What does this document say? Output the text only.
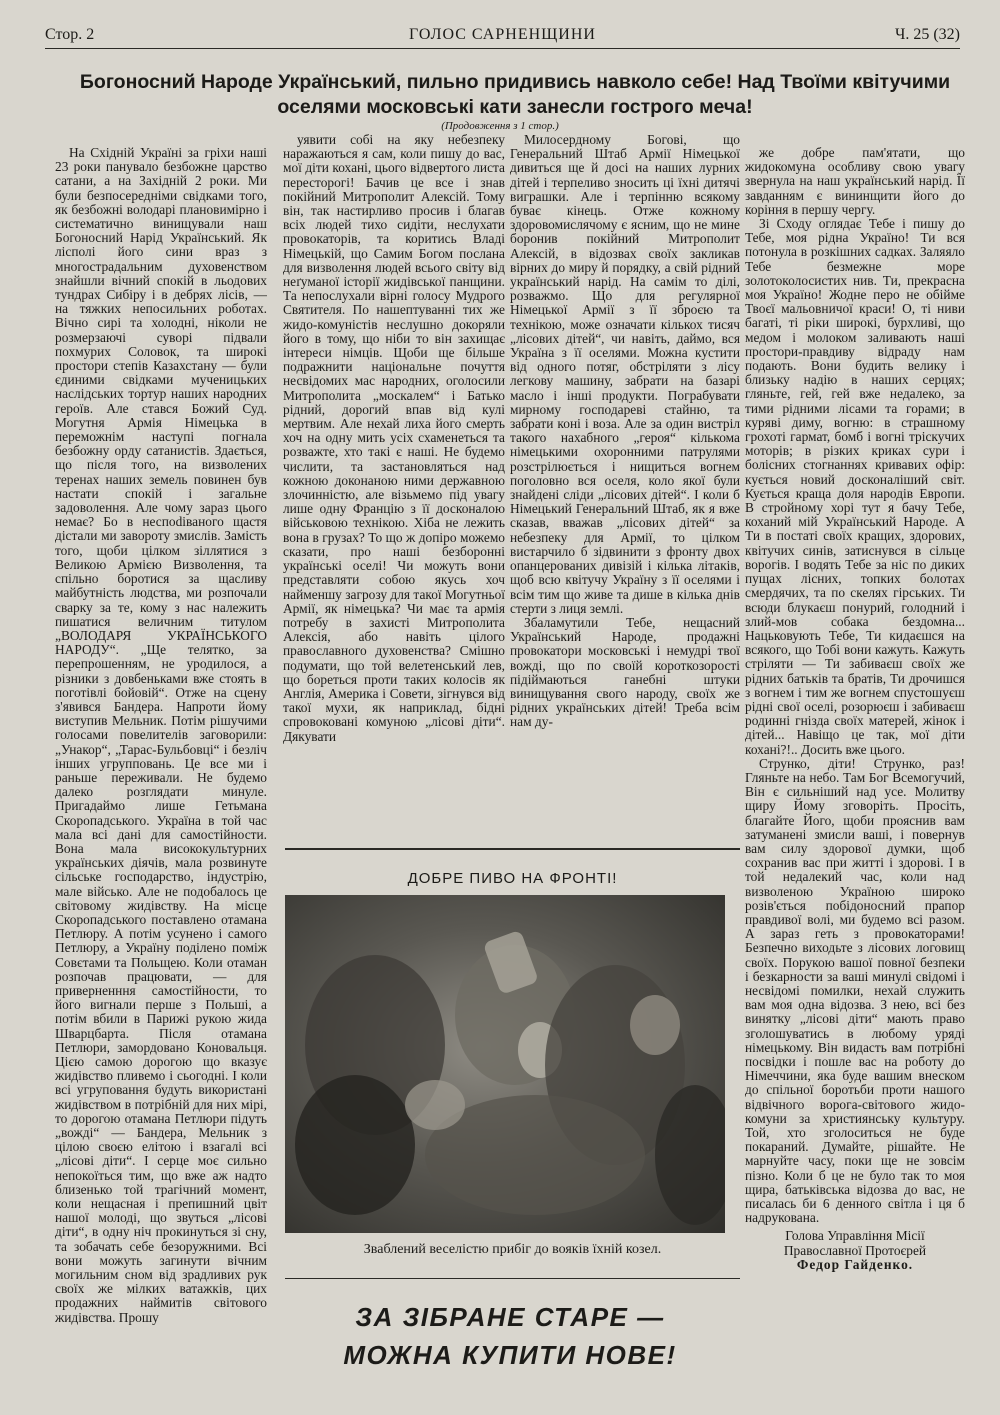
Стор. 2	ГОЛОС САРНЕНЩИНИ	Ч. 25 (32)
Богоносний Народе Український, пильно придивись навколо себе! Над Твоїми квітучими оселями московські кати занесли гострого меча!
(Продовження з 1 стор.)

На Східній Україні за гріхи наші 23 роки панувало безбожне царство сатани, а на Західній 2 роки. Ми були безпосередніми свідками того, як безбожні володарі плановимірно і систематично винищували наш Богоносний Нарід Український. Як лісполі його сини враз з многострадальним духовенством знайшли вічний спокій в льодових тундрах Сибіру і в дебрях лісів, — на тяжких непосильних роботах. Вічно сирі та холодні, ніколи не розмерзаючі суворі підвали похмурих Соловок, та широкі простори степів Казахстану — були єдиними свідками мученицьких наслідських тортур наших народних героїв. Але стався Божий Суд. Могутня Армія Німецька в переможнім наступі погнала безбожну орду сатанистів. Здається, що після того, на визволених теренах наших земель повинен був настати спокій і загальне задоволення. Але чому зараз цього немає? Бо в неспodіваного щастя дістали ми завороту змислів. Замість того, щоби цілком зіллятися з Великою Армією Визволення, та спільно боротися за щасливу майбутність людства, ми розпочали сварку за те, кому з нас належить пишатися величним титулом „ВОЛОДАРЯ УКРАЇНСЬКОГО НАРОДУ“. „Ще телятко, за перепрошенням, не уродилося, а різники з довбеньками вже стоять в поготівлі бойовій“. Отже на сцену з'явився Бандера. Напроти йому виступив Мельник. Потім рішучими голосами повелителів заговорили: „Унакор“, „Тарас-Бульбовці“ і безліч інших угрупповань. Це все ми і раньше переживали. Не будемо далеко розглядати минуле. Пригадаймо лише Гетьмана Скоропадського. Україна в той час мала всі дані для самостійности. Вона мала висококультурних українських діячів, мала розвинуте сільське господарство, індустрію, мале військо. Але не подобалось це світовому жидівству. На місце Скоропадського поставлено отамана Петлюру. А потім усунено і самого Петлюру, а Україну поділено поміж Совєтами та Польщею. Коли отаман розпочав працювати, — для приверненння самостійности, то його вигнали перше з Польші, а потім вбили в Парижі рукою жида Шварцбарта. Після отамана Петлюри, замордовано Коновальця. Цією самою дорогою що вказує жидівство пливемо і сьогодні. І коли всі угруповання будуть використані жидівством в потрібній для них мірі, то дорогою отамана Петлюри підуть „вожді“ — Бандера, Мельник з цілою своєю елітою і взагалі всі „лісові діти“. І серце моє сильно непокоїться тим, що вже аж надто близенько той трагічний момент, коли нещасная і препишний цвіт нашої молоді, що звуться „лісові діти“, в одну ніч прокинуться зі сну, та зобачать себе безоружними. Всі вони можуть загинути вічним могильним сном від зрадливих рук своїх же мілких ватажків, цих продажних наймитів світового жидівства. Прошу

уявити собі на яку небезпеку наражаються я сам, коли пишу до вас, мої діти кохані, цього відвертого листа пересторогі! Бачив це все і знав покійний Митрополит Алексій. Тому він, так настирливо просив і благав всіх людей тихо сидіти, неслухати провокаторів, та коритись Владі Німецькій, що Самим Богом послана для визволення людей всього світу від неґуманої історії жидівської панщини. Та непослухали вірні голосу Мудрого Святителя. По нашептуванні тих же жидо-комуністів неслушно докоряли його в тому, що ніби то він захищає інтереси німців. Щоби ще більше подражнити національне почуття несвідомих мас народних, оголосили Митрополита „москалем“ і Батько рідний, дорогий впав від кулі мертвим. Але нехай лиха його смерть хоч на одну мить усіх схаменеться та розважте, хто такі є наші. Не будемо числити, та застановляться над кожною доконаною ними державною злочинністю, але візьмемо під увагу лише одну Францію з її досконалою військовою технікою. Хіба не лежить вона в грузах? То що ж допіро можемо сказати, про наші безборонні українські оселі! Чи можуть вони представляти собою якусь хоч найменшу загрозу для такої Могутньої Армії, як німецька? Чи має та армія потребу в захисті Митрополита Алексія, або навіть цілого православного духовенства? Смішно подумати, що той велетенський лев, що бореться проти таких колосів як Англія, Америка і Совети, зігнувся від такої мухи, як наприклад, бідні спровоковані комуною „лісові діти“. Дякувати

Милосердному Богові, що Генеральний Штаб Армії Німецької дивиться ще й досі на наших лурних дітей і терпеливо зносить ці їхні дитячі виграшки. Але і терпінню всякому буває кінець. Отже кожному здоровомислячому є ясним, що не мине боронив покійний Митрополит Алексій, в відозвах своїх закликав вірних до миру й порядку, а свій рідний український нарід. На самім то ділі, розважмо. Що для регулярної Німецької Армії з її зброєю та технікою, може означати кількох тисяч „лісових дітей“, чи навіть, даймо, вся Україна з її оселями. Можна кустити від одного потяг, обстріляти з лісу легкову машину, забрати на базарі масло і інші продукти. Пограбувати мирному господареві стайню, та забрати коні і воза. Але за один вистріл такого нахабного „героя“ кількома німецькими охоронними патрулями розстрілюється і нищиться вогнем поголовно вся оселя, коло якої були знайдені сліди „лісових дітей“. І коли б Німецький Генеральний Штаб, як я вже сказав, вважав „лісових дітей“ за небезпеку для Армії, то цілком вистарчило б зідвинити з фронту двох опанцерованих дивізій і кілька літаків, щоб всю квітучу Україну з її оселями і всім тим що живе та дише в кілька днів стерти з лиця землі.

Збаламутили Тебе, нещасний Український Народе, продажні провокатори московські і немудрі твої вожді, що по своїй короткозорості підіймаються ганебні штуки винищування свого народу, своїх же рідних українських дітей! Треба всім нам ду-

же добре пам'ятати, що жидокомуна особливу свою увагу звернула на наш український нарід. Її завданням є вининщити його до коріння в першу чергу.

Зі Сходу оглядає Тебе і пишу до Тебе, моя рідна Україно! Ти вся потонула в розкішних садках. Заляяло Тебе безмежне море золотоколосистих нив. Ти, прекрасна моя Україно! Жодне перо не обійме Твоєї мальовничої краси! О, ті ниви багаті, ті ріки широкі, бурхливі, що медом і молоком заливають наші простори-правдиву відраду нам подають. Вони будить велику і близьку надію в наших серцях; гляньте, гей, гей вже недалеко, за тими рідними лісами та горами; в курявi диму, вогню: в страшному грохоті гармат, бомб і вогні тріскучих моторів; в різких криках сури і болісних стогнаннях кривавих офір: кується новий досконаліший світ. Кується краща доля народів Европи. В стройному хорі тут я бачу Тебе, коханий мій Український Народе. А Ти в постаті своїх кращих, здорових, квітучих синів, затиснувся в сільце ворогів. І водять Тебе за ніс по диких пущах лісних, топких болотах смердячих, та по скелях гірських. Ти всюди блукаєш понурий, голодний і злий-мов собака бездомна... Нацьковують Тебе, Ти кидаєшся на всякого, що Тобі вони кажуть. Кажуть стріляти — Ти забиваєш своїх же рідних батьків та братів, Ти дрочишся з вогнем і тим же вогнем спустошуєш рідні свої оселі, розорюєш і забиваєш родинні гнізда своїх матерей, жінок і дітей... Навіщо це так, мої діти кохані?!.. Досить вже цього.

Струнко, діти! Струнко, раз! Гляньте на небо. Там Бог Всемогучий, Він є сильніший над усе. Молитву щиру Йому зговоріть. Просіть, благайте Його, щоби прояснив вам затуманені змисли ваші, і повернув вам силу здорової думки, щоб сохранив вас при житті і здорові. І в той недалекий час, коли над визволеною Україною широко розів'ється побідоносний прапор правдивої волі, ми будемо всі разом. А зараз геть з провокаторами! Безпечно виходьте з лісових логовищ своїх. Порукою вашої повної безпеки і безкарности за ваші минулі свідомі і несвідомі помилки, нехай служить вам моя одна відозва. З нею, всі без винятку „лісові діти“ мають право зголошуватись в любому уряді німецькому. Він видасть вам потрібні посвідки і пошле вас на роботу до Німеччини, яка буде вашим внеском до спільної боротьби проти нашого відвічного ворога-світового жидо-комуни за християнську культуру. Той, хто зголоситься не буде покараний. Думайте, рішайте. Не марнуйте часу, поки ще не зовсім пізно. Коли б це не було так то моя щира, батьківська відозва до вас, не писалась би 6 денного світла і ця б надрукована.

Голова Управління Місії Православної Протоєрей
Федор Гайденко.
ДОБРЕ ПИВО НА ФРОНТІ!
Зваблений веселістю прибіг до вояків їхній козел.
ЗА ЗІБРАНЕ СТАРЕ —
МОЖНА КУПИТИ НОВЕ!
